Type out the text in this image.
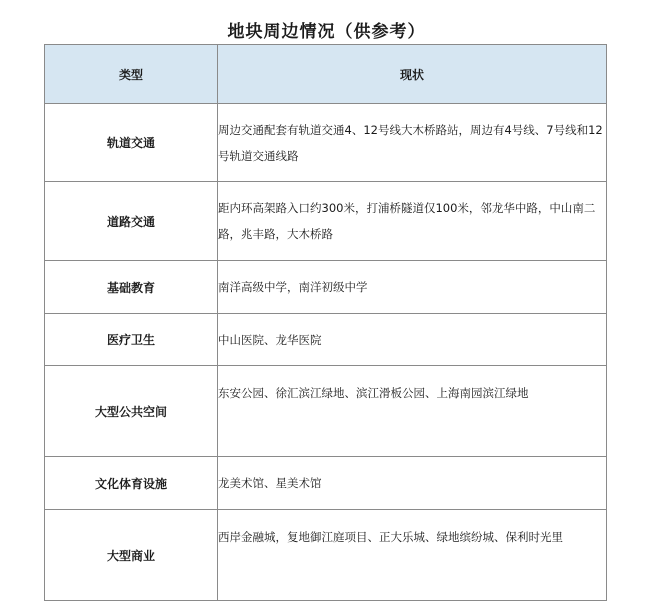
地块周边情况（供参考）
类型	现状
轨道交通	周边交通配套有轨道交通4、12号线大木桥路站，周边有4号线、7号线和12号轨道交通线路
道路交通	距内环高架路入口约300米，打浦桥隧道仅100米，邻龙华中路，中山南二路，兆丰路，大木桥路
基础教育	南洋高级中学，南洋初级中学
医疗卫生	中山医院、龙华医院
大型公共空间	东安公园、徐汇滨江绿地、滨江滑板公园、上海南园滨江绿地
文化体育设施	龙美术馆、星美术馆
大型商业	西岸金融城，复地御江庭项目、正大乐城、绿地缤纷城、保利时光里
